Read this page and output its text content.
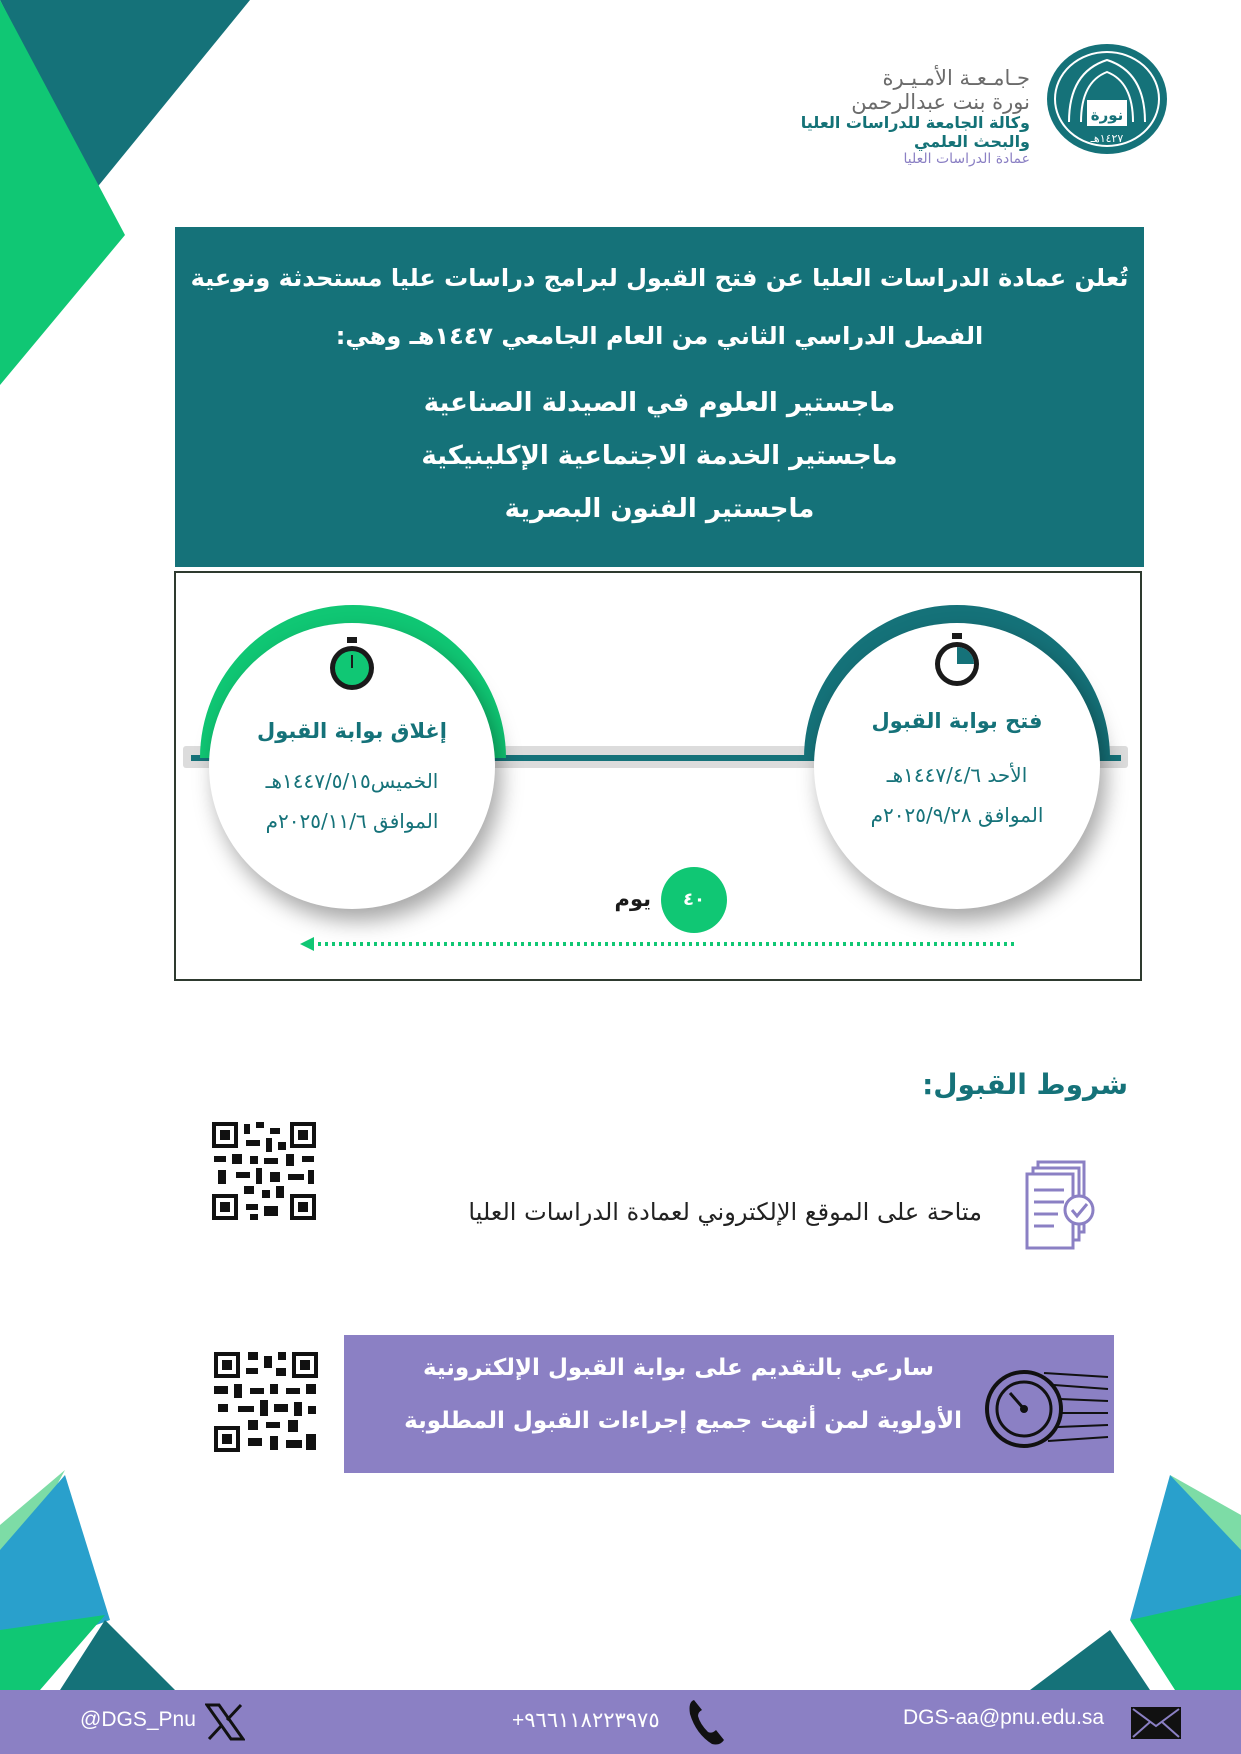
نورة
١٤٢٧هـ
جـامـعـة الأمـيـرة
نورة بنت عبدالرحمن
وكالة الجامعة للدراسات العليا
والبحث العلمي
عمادة الدراسات العليا
تُعلن عمادة الدراسات العليا عن فتح القبول لبرامج دراسات عليا مستحدثة ونوعية
الفصل الدراسي الثاني من العام الجامعي ١٤٤٧هـ وهي:
ماجستير العلوم في الصيدلة الصناعية
ماجستير الخدمة الاجتماعية الإكلينيكية
ماجستير الفنون البصرية
إغلاق بوابة القبول
الخميس١٤٤٧/٥/١٥هـ
الموافق ٢٠٢٥/١١/٦م
فتح بوابة القبول
الأحد ١٤٤٧/٤/٦هـ
الموافق ٢٠٢٥/٩/٢٨م
٤٠
يوم
شروط القبول:
متاحة على الموقع الإلكتروني لعمادة الدراسات العليا
سارعي بالتقديم على بوابة القبول الإلكترونية
الأولوية لمن أنهت جميع إجراءات القبول المطلوبة
@DGS_Pnu	+٩٦٦١١٨٢٢٣٩٧٥	DGS-aa@pnu.edu.sa
